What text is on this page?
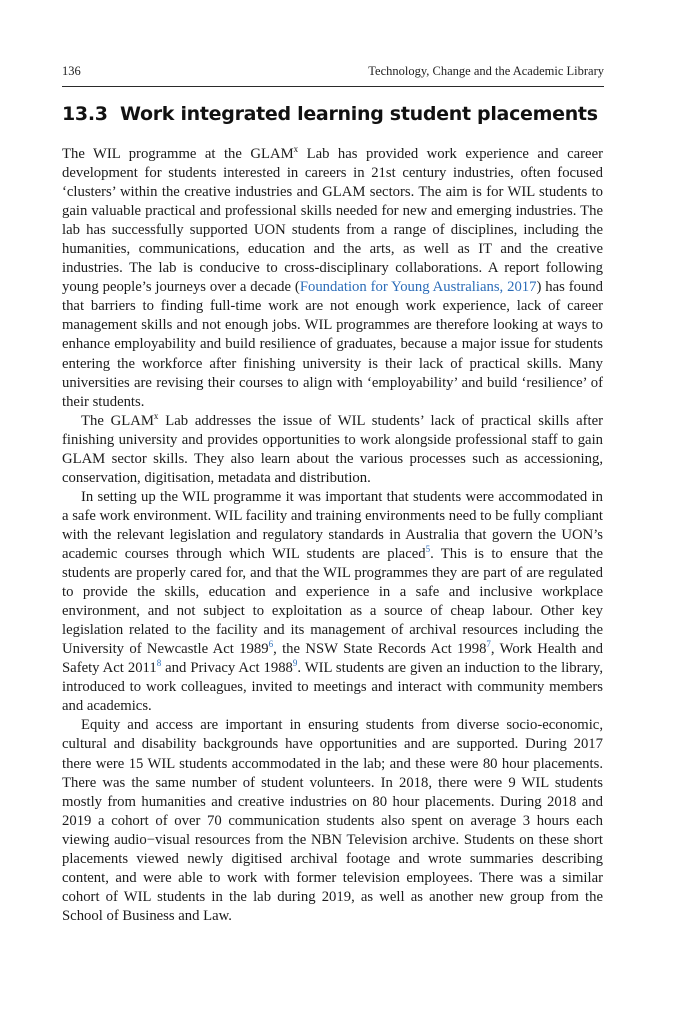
136	Technology, Change and the Academic Library
13.3 Work integrated learning student placements

The WIL programme at the GLAM$^x$ Lab has provided work experience and career development for students interested in careers in 21st century industries, often focused ‘clusters’ within the creative industries and GLAM sectors. The aim is for WIL students to gain valuable practical and professional skills needed for new and emerging industries. The lab has successfully supported UON students from a range of disciplines, including the humanities, communications, education and the arts, as well as IT and the creative industries. The lab is conducive to cross-disciplinary collaborations. A report following young people’s journeys over a decade (Foundation for Young Australians, 2017) has found that barriers to finding full-time work are not enough work experience, lack of career management skills and not enough jobs. WIL programmes are therefore looking at ways to enhance employability and build resilience of graduates, because a major issue for students entering the workforce after finishing university is their lack of practical skills. Many universities are revising their courses to align with ‘employability’ and build ‘resilience’ of their students.

The GLAM$^x$ Lab addresses the issue of WIL students’ lack of practical skills after finishing university and provides opportunities to work alongside professional staff to gain GLAM sector skills. They also learn about the various processes such as accessioning, conservation, digitisation, metadata and distribution.

In setting up the WIL programme it was important that students were accommodated in a safe work environment. WIL facility and training environments need to be fully compliant with the relevant legislation and regulatory standards in Australia that govern the UON’s academic courses through which WIL students are placed$^5$. This is to ensure that the students are properly cared for, and that the WIL programmes they are part of are regulated to provide the skills, education and experience in a safe and inclusive workplace environment, and not subject to exploitation as a source of cheap labour. Other key legislation related to the facility and its management of archival resources including the University of Newcastle Act 1989$^6$, the NSW State Records Act 1998$^7$, Work Health and Safety Act 2011$^8$ and Privacy Act 1988$^9$. WIL students are given an induction to the library, introduced to work colleagues, invited to meetings and interact with community members and academics.

Equity and access are important in ensuring students from diverse socio-economic, cultural and disability backgrounds have opportunities and are supported. During 2017 there were 15 WIL students accommodated in the lab; and these were 80 hour placements. There was the same number of student volunteers. In 2018, there were 9 WIL students mostly from humanities and creative industries on 80 hour placements. During 2018 and 2019 a cohort of over 70 communication students also spent on average 3 hours each viewing audio−visual resources from the NBN Television archive. Students on these short placements viewed newly digitised archival footage and wrote summaries describing content, and were able to work with former television employees. There was a similar cohort of WIL students in the lab during 2019, as well as another new group from the School of Business and Law.
